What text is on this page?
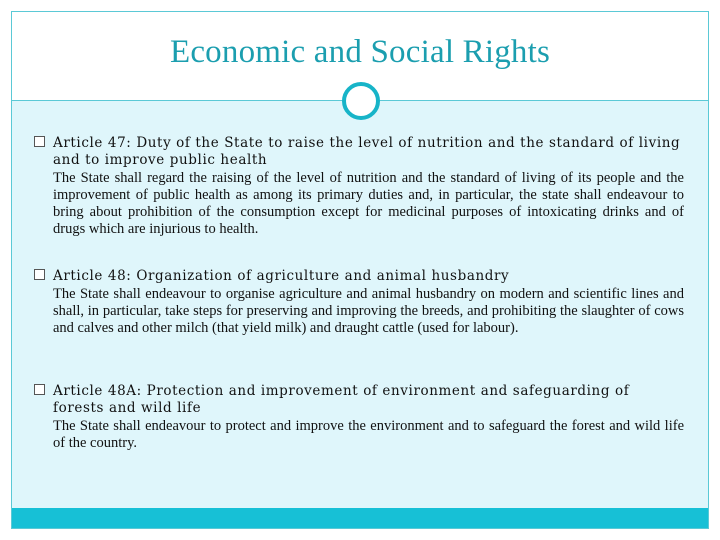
Economic and Social Rights
Article 47: Duty of the State to raise the level of nutrition and the standard of living and to improve public health
The State shall regard the raising of the level of nutrition and the standard of living of its people and the improvement of public health as among its primary duties and, in particular, the state shall endeavour to bring about prohibition of the consumption except for medicinal purposes of intoxicating drinks and of drugs which are injurious to health.
Article 48: Organization of agriculture and animal husbandry
The State shall endeavour to organise agriculture and animal husbandry on modern and scientific lines and shall, in particular, take steps for preserving and improving the breeds, and prohibiting the slaughter of cows and calves and other milch (that yield milk) and draught cattle (used for labour).
Article 48A: Protection and improvement of environment and safeguarding of forests and wild life
The State shall endeavour to protect and improve the environment and to safeguard the forest and wild life of the country.
